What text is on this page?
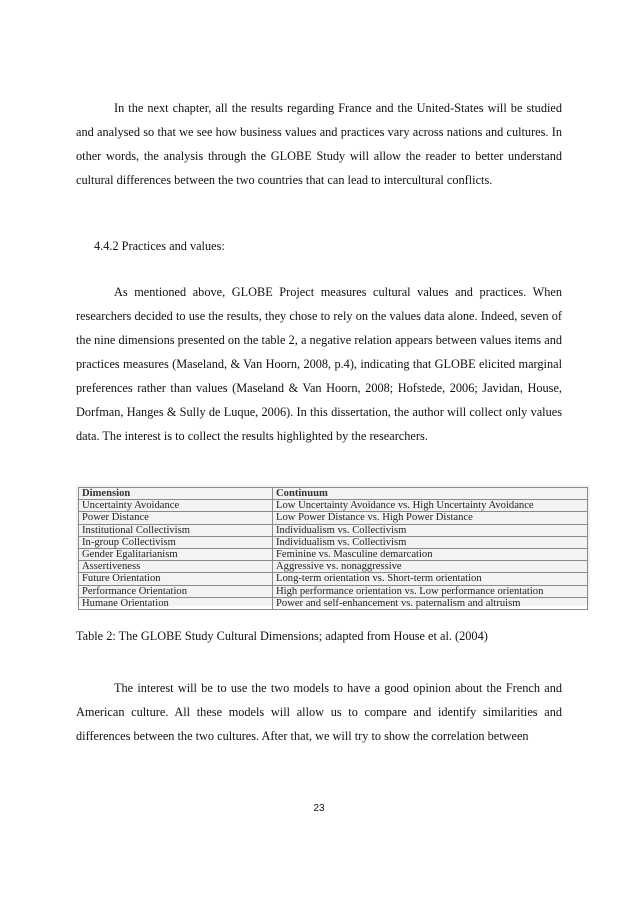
In the next chapter, all the results regarding France and the United-States will be studied and analysed so that we see how business values and practices vary across nations and cultures. In other words, the analysis through the GLOBE Study will allow the reader to better understand cultural differences between the two countries that can lead to intercultural conflicts.

4.4.2 Practices and values:

As mentioned above, GLOBE Project measures cultural values and practices. When researchers decided to use the results, they chose to rely on the values data alone. Indeed, seven of the nine dimensions presented on the table 2, a negative relation appears between values items and practices measures (Maseland, & Van Hoorn, 2008, p.4), indicating that GLOBE elicited marginal preferences rather than values (Maseland & Van Hoorn, 2008; Hofstede, 2006; Javidan, House, Dorfman, Hanges & Sully de Luque, 2006). In this dissertation, the author will collect only values data. The interest is to collect the results highlighted by the researchers.

Dimension	Continuum
Uncertainty Avoidance	Low Uncertainty Avoidance vs. High Uncertainty Avoidance
Power Distance	Low Power Distance vs. High Power Distance
Institutional Collectivism	Individualism vs. Collectivism
In-group Collectivism	Individualism vs. Collectivism
Gender Egalitarianism	Feminine vs. Masculine demarcation
Assertiveness	Aggressive vs. nonaggressive
Future Orientation	Long-term orientation vs. Short-term orientation
Performance Orientation	High performance orientation vs. Low performance orientation
Humane Orientation	Power and self-enhancement vs. paternalism and altruism

Table 2: The GLOBE Study Cultural Dimensions; adapted from House et al. (2004)

The interest will be to use the two models to have a good opinion about the French and American culture. All these models will allow us to compare and identify similarities and differences between the two cultures. After that, we will try to show the correlation between

23
